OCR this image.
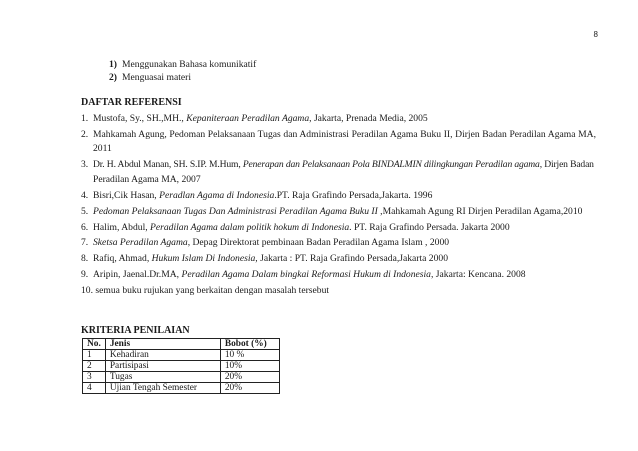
8
1) Menggunakan Bahasa komunikatif
2) Menguasai materi
DAFTAR REFERENSI
1. Mustofa, Sy., SH.,MH., Kepaniteraan Peradilan Agama, Jakarta, Prenada Media, 2005
2. Mahkamah Agung, Pedoman Pelaksanaan Tugas dan Administrasi Peradilan Agama Buku II, Dirjen Badan Peradilan Agama MA,
2011
3. Dr. H. Abdul Manan, SH. S.IP. M.Hum, Penerapan dan Pelaksanaan Pola BINDALMIN dilingkungan Peradilan agama, Dirjen Badan
Peradilan Agama MA, 2007
4. Bisri,Cik Hasan, Peradlan Agama di Indonesia.PT. Raja Grafindo Persada,Jakarta. 1996
5. Pedoman Pelaksanaan Tugas Dan Administrasi Peradilan Agama Buku II ,Mahkamah Agung RI Dirjen Peradilan Agama,2010
6. Halim, Abdul, Peradilan Agama dalam politik hokum di Indonesia. PT. Raja Grafindo Persada. Jakarta 2000
7. Sketsa Peradilan Agama, Depag Direktorat pembinaan Badan Peradilan Agama Islam , 2000
8. Rafiq, Ahmad, Hukum Islam Di Indonesia, Jakarta : PT. Raja Grafindo Persada,Jakarta 2000
9. Aripin, Jaenal.Dr.MA, Peradilan Agama Dalam bingkai Reformasi Hukum di Indonesia, Jakarta: Kencana. 2008
10. semua buku rujukan yang berkaitan dengan masalah tersebut
KRITERIA PENILAIAN
No.	Jenis	Bobot (%)
1	Kehadiran	10 %
2	Partisipasi	10%
3	Tugas	20%
4	Ujian Tengah Semester	20%
